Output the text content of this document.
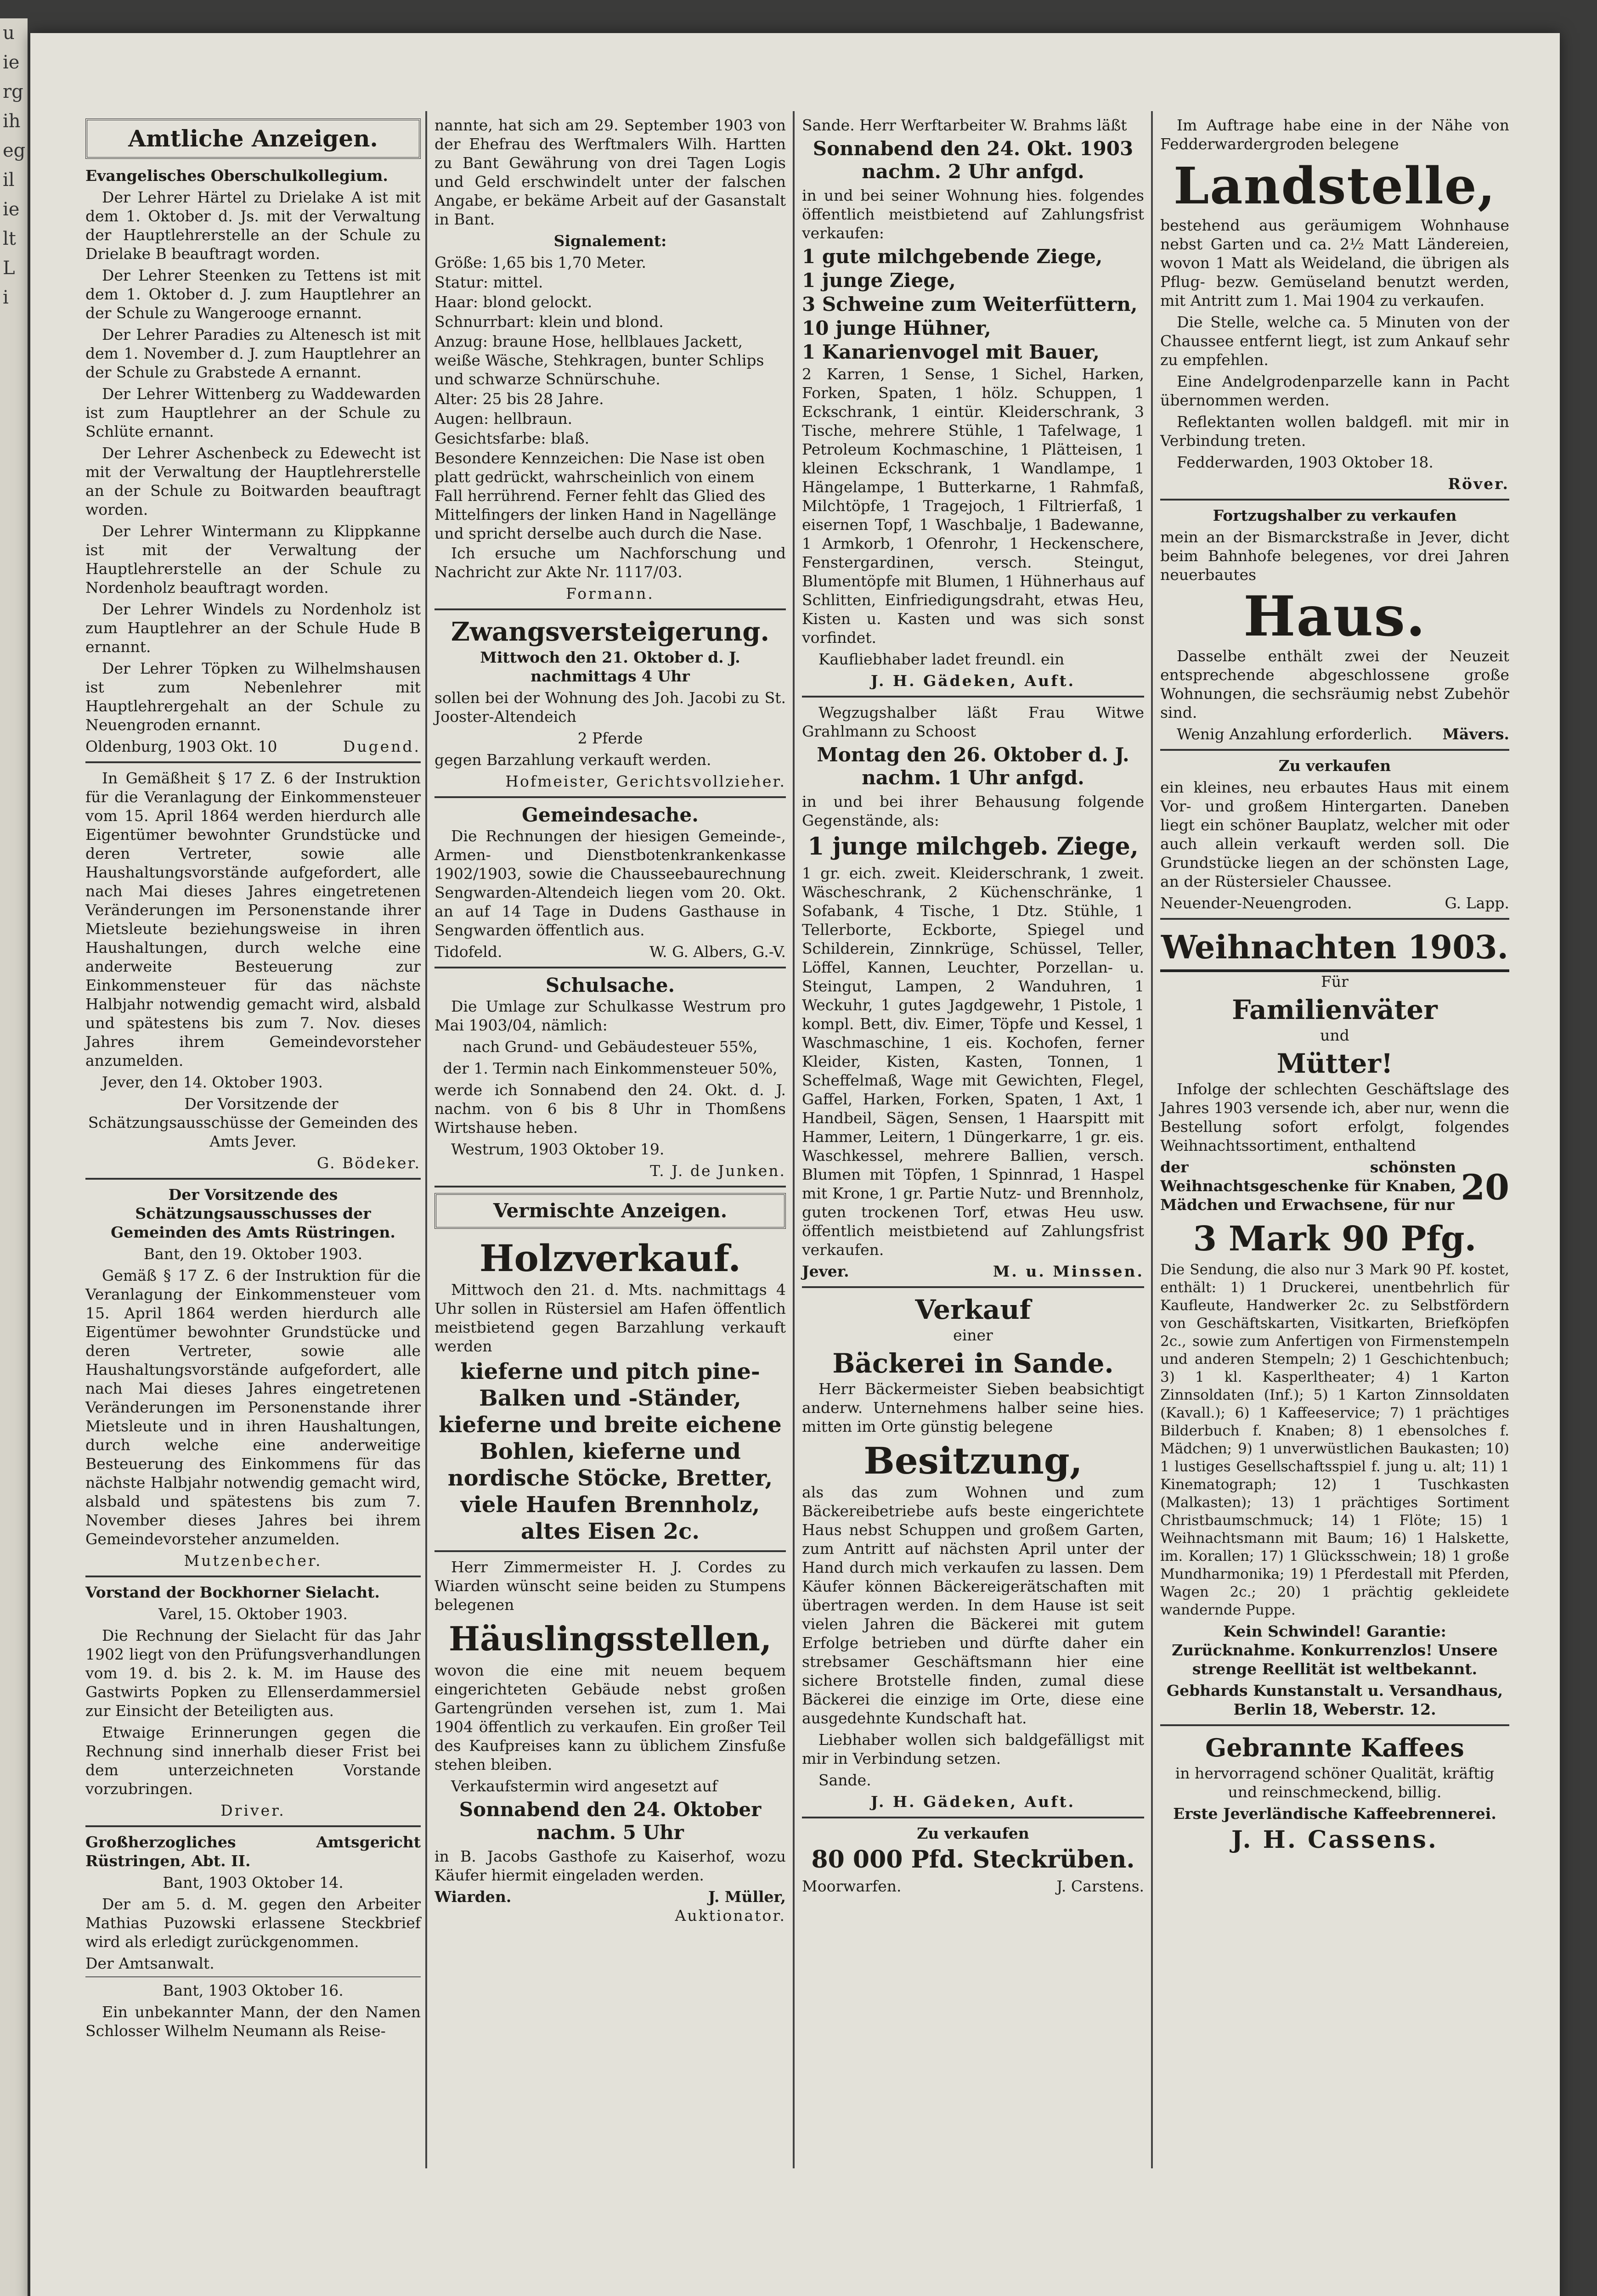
u
ie
rg
ih
eg
il
ie
lt
L
i
Amtliche Anzeigen.

Evangelisches Oberschulkollegium.

Der Lehrer Härtel zu Drielake A ist mit dem 1. Oktober d. Js. mit der Verwaltung der Hauptlehrerstelle an der Schule zu Drielake B beauftragt worden.

Der Lehrer Steenken zu Tettens ist mit dem 1. Oktober d. J. zum Hauptlehrer an der Schule zu Wangerooge ernannt.

Der Lehrer Paradies zu Altenesch ist mit dem 1. November d. J. zum Hauptlehrer an der Schule zu Grabstede A ernannt.

Der Lehrer Wittenberg zu Waddewarden ist zum Hauptlehrer an der Schule zu Schlüte ernannt.

Der Lehrer Aschenbeck zu Edewecht ist mit der Verwaltung der Hauptlehrerstelle an der Schule zu Boitwarden beauftragt worden.

Der Lehrer Wintermann zu Klippkanne ist mit der Verwaltung der Hauptlehrerstelle an der Schule zu Nordenholz beauftragt worden.

Der Lehrer Windels zu Nordenholz ist zum Hauptlehrer an der Schule Hude B ernannt.

Der Lehrer Töpken zu Wilhelmshausen ist zum Nebenlehrer mit Hauptlehrergehalt an der Schule zu Neuengroden ernannt.

Oldenburg, 1903 Okt. 10	Dugend.

In Gemäßheit § 17 Z. 6 der Instruktion für die Veranlagung der Einkommensteuer vom 15. April 1864 werden hierdurch alle Eigentümer bewohnter Grundstücke und deren Vertreter, sowie alle Haushaltungsvorstände aufgefordert, alle nach Mai dieses Jahres eingetretenen Veränderungen im Personenstande ihrer Mietsleute beziehungsweise in ihren Haushaltungen, durch welche eine anderweite Besteuerung zur Einkommensteuer für das nächste Halbjahr notwendig gemacht wird, alsbald und spätestens bis zum 7. Nov. dieses Jahres ihrem Gemeindevorsteher anzumelden.

Jever, den 14. Oktober 1903.

Der Vorsitzende der Schätzungsausschüsse der Gemeinden des Amts Jever.

G. Bödeker.

Der Vorsitzende des Schätzungsausschusses der Gemeinden des Amts Rüstringen.

Bant, den 19. Oktober 1903.

Gemäß § 17 Z. 6 der Instruktion für die Veranlagung der Einkommensteuer vom 15. April 1864 werden hierdurch alle Eigentümer bewohnter Grundstücke und deren Vertreter, sowie alle Haushaltungsvorstände aufgefordert, alle nach Mai dieses Jahres eingetretenen Veränderungen im Personenstande ihrer Mietsleute und in ihren Haushaltungen, durch welche eine anderweitige Besteuerung des Einkommens für das nächste Halbjahr notwendig gemacht wird, alsbald und spätestens bis zum 7. November dieses Jahres bei ihrem Gemeindevorsteher anzumelden.

Mutzenbecher.

Vorstand der Bockhorner Sielacht.

Varel, 15. Oktober 1903.

Die Rechnung der Sielacht für das Jahr 1902 liegt von den Prüfungsverhandlungen vom 19. d. bis 2. k. M. im Hause des Gastwirts Popken zu Ellenserdammersiel zur Einsicht der Beteiligten aus.

Etwaige Erinnerungen gegen die Rechnung sind innerhalb dieser Frist bei dem unterzeichneten Vorstande vorzubringen.

Driver.

Großherzogliches Amtsgericht Rüstringen, Abt. II.

Bant, 1903 Oktober 14.

Der am 5. d. M. gegen den Arbeiter Mathias Puzowski erlassene Steckbrief wird als erledigt zurückgenommen.

Der Amtsanwalt.

Bant, 1903 Oktober 16.

Ein unbekannter Mann, der den Namen Schlosser Wilhelm Neumann als Reise-

nannte, hat sich am 29. September 1903 von der Ehefrau des Werftmalers Wilh. Hartten zu Bant Gewährung von drei Tagen Logis und Geld erschwindelt unter der falschen Angabe, er bekäme Arbeit auf der Gasanstalt in Bant.

Signalement:

Größe: 1,65 bis 1,70 Meter.
Statur: mittel.
Haar: blond gelockt.
Schnurrbart: klein und blond.
Anzug: braune Hose, hellblaues Jackett, weiße Wäsche, Stehkragen, bunter Schlips und schwarze Schnürschuhe.
Alter: 25 bis 28 Jahre.
Augen: hellbraun.
Gesichtsfarbe: blaß.
Besondere Kennzeichen: Die Nase ist oben platt gedrückt, wahrscheinlich von einem Fall herrührend. Ferner fehlt das Glied des Mittelfingers der linken Hand in Nagellänge und spricht derselbe auch durch die Nase.

Ich ersuche um Nachforschung und Nachricht zur Akte Nr. 1117/03.

Formann.

Zwangsversteigerung.

Mittwoch den 21. Oktober d. J. nachmittags 4 Uhr

sollen bei der Wohnung des Joh. Jacobi zu St. Jooster-Altendeich

2 Pferde

gegen Barzahlung verkauft werden.

Hofmeister, Gerichtsvollzieher.

Gemeindesache.

Die Rechnungen der hiesigen Gemeinde-, Armen- und Dienstbotenkrankenkasse 1902/1903, sowie die Chausseebaurechnung Sengwarden-Altendeich liegen vom 20. Okt. an auf 14 Tage in Dudens Gasthause in Sengwarden öffentlich aus.

Tidofeld.	W. G. Albers, G.-V.
Schulsache.

Die Umlage zur Schulkasse Westrum pro Mai 1903/04, nämlich:

nach Grund- und Gebäudesteuer 55%,

der 1. Termin nach Einkommensteuer 50%,

werde ich Sonnabend den 24. Okt. d. J. nachm. von 6 bis 8 Uhr in Thomßens Wirtshause heben.

Westrum, 1903 Oktober 19.

T. J. de Junken.

Vermischte Anzeigen.
Holzverkauf.

Mittwoch den 21. d. Mts. nachmittags 4 Uhr sollen in Rüstersiel am Hafen öffentlich meistbietend gegen Barzahlung verkauft werden

kieferne und pitch pine-Balken und -Ständer, kieferne und breite eichene Bohlen, kieferne und nordische Stöcke, Bretter, viele Haufen Brennholz, altes Eisen 2c.

Herr Zimmermeister H. J. Cordes zu Wiarden wünscht seine beiden zu Stumpens belegenen

Häuslingsstellen,

wovon die eine mit neuem bequem eingerichteten Gebäude nebst großen Gartengründen versehen ist, zum 1. Mai 1904 öffentlich zu verkaufen. Ein großer Teil des Kaufpreises kann zu üblichem Zinsfuße stehen bleiben.

Verkaufstermin wird angesetzt auf

Sonnabend den 24. Oktober nachm. 5 Uhr

in B. Jacobs Gasthofe zu Kaiserhof, wozu Käufer hiermit eingeladen werden.

Wiarden.	J. Müller,

Auktionator.

Sande. Herr Werftarbeiter W. Brahms läßt

Sonnabend den 24. Okt. 1903 nachm. 2 Uhr anfgd.

in und bei seiner Wohnung hies. folgendes öffentlich meistbietend auf Zahlungsfrist verkaufen:

1 gute milchgebende Ziege,
1 junge Ziege,
3 Schweine zum Weiterfüttern,
10 junge Hühner,
1 Kanarienvogel mit Bauer,

2 Karren, 1 Sense, 1 Sichel, Harken, Forken, Spaten, 1 hölz. Schuppen, 1 Eckschrank, 1 eintür. Kleiderschrank, 3 Tische, mehrere Stühle, 1 Tafelwage, 1 Petroleum Kochmaschine, 1 Plätteisen, 1 kleinen Eckschrank, 1 Wandlampe, 1 Hängelampe, 1 Butterkarne, 1 Rahmfaß, Milchtöpfe, 1 Tragejoch, 1 Filtrierfaß, 1 eisernen Topf, 1 Waschbalje, 1 Badewanne, 1 Armkorb, 1 Ofenrohr, 1 Heckenschere, Fenstergardinen, versch. Steingut, Blumentöpfe mit Blumen, 1 Hühnerhaus auf Schlitten, Einfriedigungsdraht, etwas Heu, Kisten u. Kasten und was sich sonst vorfindet.

Kaufliebhaber ladet freundl. ein

J. H. Gädeken, Auft.

Wegzugshalber läßt Frau Witwe Grahlmann zu Schoost

Montag den 26. Oktober d. J. nachm. 1 Uhr anfgd.

in und bei ihrer Behausung folgende Gegenstände, als:

1 junge milchgeb. Ziege,

1 gr. eich. zweit. Kleiderschrank, 1 zweit. Wäscheschrank, 2 Küchenschränke, 1 Sofabank, 4 Tische, 1 Dtz. Stühle, 1 Tellerborte, Eckborte, Spiegel und Schilderein, Zinnkrüge, Schüssel, Teller, Löffel, Kannen, Leuchter, Porzellan- u. Steingut, Lampen, 2 Wanduhren, 1 Weckuhr, 1 gutes Jagdgewehr, 1 Pistole, 1 kompl. Bett, div. Eimer, Töpfe und Kessel, 1 Waschmaschine, 1 eis. Kochofen, ferner Kleider, Kisten, Kasten, Tonnen, 1 Scheffelmaß, Wage mit Gewichten, Flegel, Gaffel, Harken, Forken, Spaten, 1 Axt, 1 Handbeil, Sägen, Sensen, 1 Haarspitt mit Hammer, Leitern, 1 Düngerkarre, 1 gr. eis. Waschkessel, mehrere Ballien, versch. Blumen mit Töpfen, 1 Spinnrad, 1 Haspel mit Krone, 1 gr. Partie Nutz- und Brennholz, guten trockenen Torf, etwas Heu usw. öffentlich meistbietend auf Zahlungsfrist verkaufen.

Jever.	M. u. Minssen.
Verkauf

einer

Bäckerei in Sande.

Herr Bäckermeister Sieben beabsichtigt anderw. Unternehmens halber seine hies. mitten im Orte günstig belegene

Besitzung,

als das zum Wohnen und zum Bäckereibetriebe aufs beste eingerichtete Haus nebst Schuppen und großem Garten, zum Antritt auf nächsten April unter der Hand durch mich verkaufen zu lassen. Dem Käufer können Bäckereigerätschaften mit übertragen werden. In dem Hause ist seit vielen Jahren die Bäckerei mit gutem Erfolge betrieben und dürfte daher ein strebsamer Geschäftsmann hier eine sichere Brotstelle finden, zumal diese Bäckerei die einzige im Orte, diese eine ausgedehnte Kundschaft hat.

Liebhaber wollen sich baldgefälligst mit mir in Verbindung setzen.

Sande.

J. H. Gädeken, Auft.

Zu verkaufen

80 000 Pfd. Steckrüben.

Moorwarfen.	J. Carstens.

Im Auftrage habe eine in der Nähe von Fedderwardergroden belegene

Landstelle,

bestehend aus geräumigem Wohnhause nebst Garten und ca. 2½ Matt Ländereien, wovon 1 Matt als Weideland, die übrigen als Pflug- bezw. Gemüseland benutzt werden, mit Antritt zum 1. Mai 1904 zu verkaufen.

Die Stelle, welche ca. 5 Minuten von der Chaussee entfernt liegt, ist zum Ankauf sehr zu empfehlen.

Eine Andelgrodenparzelle kann in Pacht übernommen werden.

Reflektanten wollen baldgefl. mit mir in Verbindung treten.

Fedderwarden, 1903 Oktober 18.

Röver.

Fortzugshalber zu verkaufen

mein an der Bismarckstraße in Jever, dicht beim Bahnhofe belegenes, vor drei Jahren neuerbautes

Haus.

Dasselbe enthält zwei der Neuzeit entsprechende abgeschlossene große Wohnungen, die sechsräumig nebst Zubehör sind.

Wenig Anzahlung erforderlich. Mävers.

Zu verkaufen

ein kleines, neu erbautes Haus mit einem Vor- und großem Hintergarten. Daneben liegt ein schöner Bauplatz, welcher mit oder auch allein verkauft werden soll. Die Grundstücke liegen an der schönsten Lage, an der Rüstersieler Chaussee.

Neuender-Neuengroden.	G. Lapp.
Weihnachten 1903.

Für

Familienväter

und

Mütter!

Infolge der schlechten Geschäftslage des Jahres 1903 versende ich, aber nur, wenn die Bestellung sofort erfolgt, folgendes Weihnachtssortiment, enthaltend

der schönsten Weihnachtsgeschenke für Knaben, Mädchen und Erwachsene, für nur 20
3 Mark 90 Pfg.

Die Sendung, die also nur 3 Mark 90 Pf. kostet, enthält: 1) 1 Druckerei, unentbehrlich für Kaufleute, Handwerker 2c. zu Selbstfördern von Geschäftskarten, Visitkarten, Briefköpfen 2c., sowie zum Anfertigen von Firmenstempeln und anderen Stempeln; 2) 1 Geschichtenbuch; 3) 1 kl. Kasperltheater; 4) 1 Karton Zinnsoldaten (Inf.); 5) 1 Karton Zinnsoldaten (Kavall.); 6) 1 Kaffeeservice; 7) 1 prächtiges Bilderbuch f. Knaben; 8) 1 ebensolches f. Mädchen; 9) 1 unverwüstlichen Baukasten; 10) 1 lustiges Gesellschaftsspiel f. jung u. alt; 11) 1 Kinematograph; 12) 1 Tuschkasten (Malkasten); 13) 1 prächtiges Sortiment Christbaumschmuck; 14) 1 Flöte; 15) 1 Weihnachtsmann mit Baum; 16) 1 Halskette, im. Korallen; 17) 1 Glücksschwein; 18) 1 große Mundharmonika; 19) 1 Pferdestall mit Pferden, Wagen 2c.; 20) 1 prächtig gekleidete wandernde Puppe.

Kein Schwindel! Garantie: Zurücknahme. Konkurrenzlos! Unsere strenge Reellität ist weltbekannt.

Gebhards Kunstanstalt u. Versandhaus, Berlin 18, Weberstr. 12.

Gebrannte Kaffees

in hervorragend schöner Qualität, kräftig und reinschmeckend, billig.

Erste Jeverländische Kaffeebrennerei.

J. H. Cassens.
